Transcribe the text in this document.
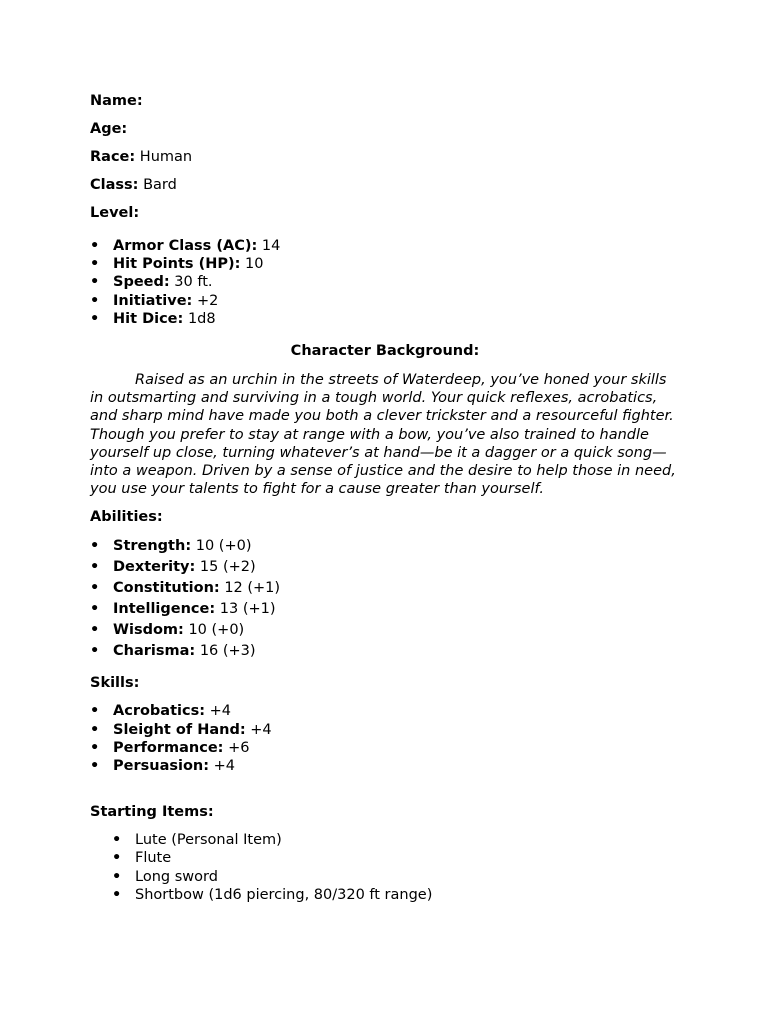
Name:
Age:
Race: Human
Class: Bard
Level:
• Armor Class (AC): 14
• Hit Points (HP): 10
• Speed: 30 ft.
• Initiative: +2
• Hit Dice: 1d8
Character Background:
Raised as an urchin in the streets of Waterdeep, you’ve honed your skills in outsmarting and surviving in a tough world. Your quick reflexes, acrobatics, and sharp mind have made you both a clever trickster and a resourceful fighter. Though you prefer to stay at range with a bow, you’ve also trained to handle yourself up close, turning whatever’s at hand—be it a dagger or a quick song—into a weapon. Driven by a sense of justice and the desire to help those in need, you use your talents to fight for a cause greater than yourself.
Abilities:
• Strength: 10 (+0)
• Dexterity: 15 (+2)
• Constitution: 12 (+1)
• Intelligence: 13 (+1)
• Wisdom: 10 (+0)
• Charisma: 16 (+3)
Skills:
• Acrobatics: +4
• Sleight of Hand: +4
• Performance: +6
• Persuasion: +4
Starting Items:
• Lute (Personal Item)
• Flute
• Long sword
• Shortbow (1d6 piercing, 80/320 ft range)
